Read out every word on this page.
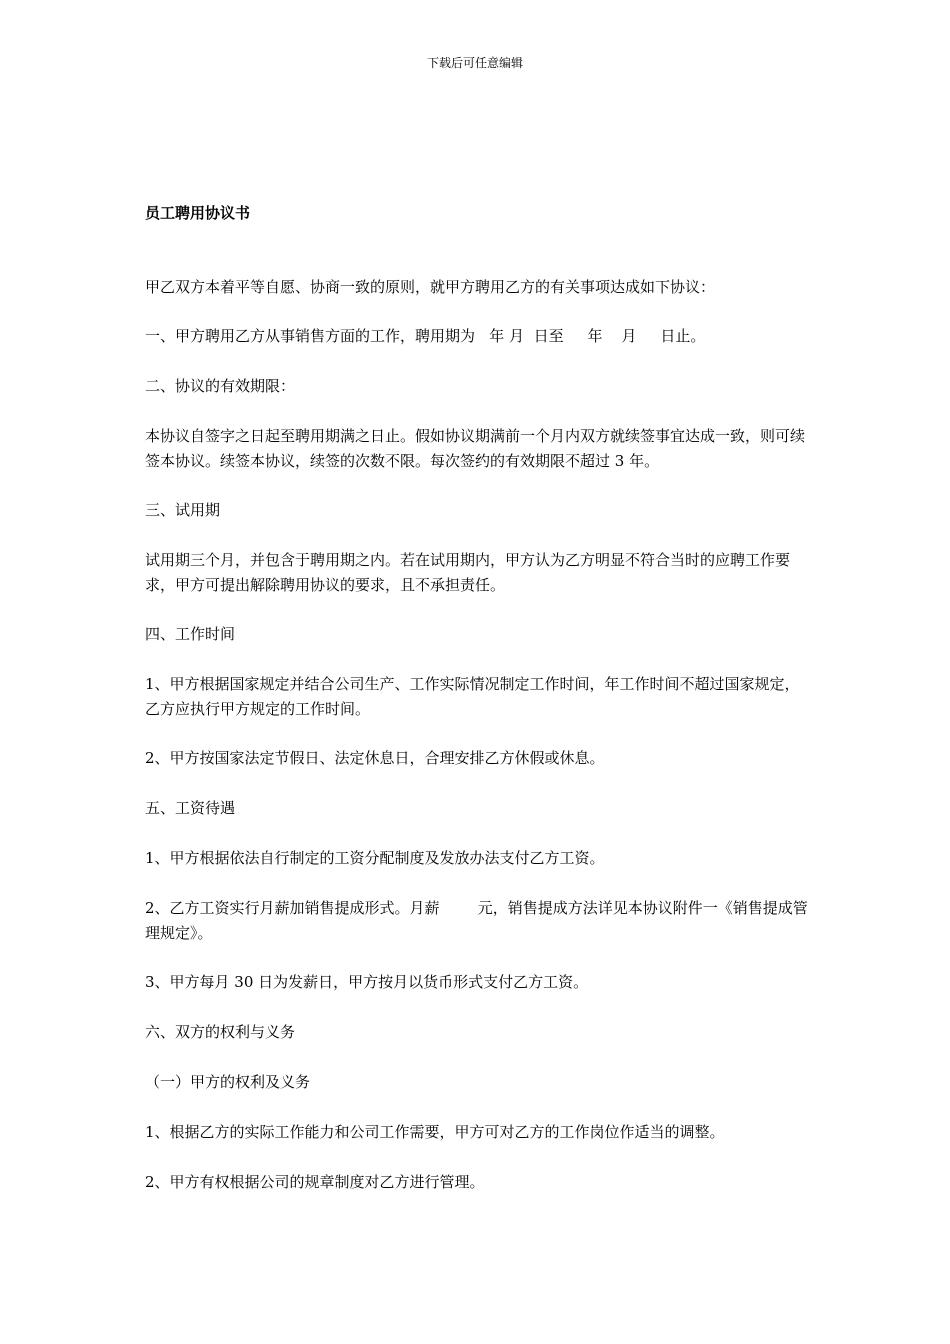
下载后可任意编辑
员工聘用协议书
甲乙双方本着平等自愿、协商一致的原则，就甲方聘用乙方的有关事项达成如下协议：
一、甲方聘用乙方从事销售方面的工作，聘用期为   年 月  日至     年    月     日止。
二、协议的有效期限：
本协议自签字之日起至聘用期满之日止。假如协议期满前一个月内双方就续签事宜达成一致，则可续签本协议。续签本协议，续签的次数不限。每次签约的有效期限不超过 3 年。
三、试用期
试用期三个月，并包含于聘用期之内。若在试用期内，甲方认为乙方明显不符合当时的应聘工作要求，甲方可提出解除聘用协议的要求，且不承担责任。
四、工作时间
1、甲方根据国家规定并结合公司生产、工作实际情况制定工作时间，年工作时间不超过国家规定，乙方应执行甲方规定的工作时间。
2、甲方按国家法定节假日、法定休息日，合理安排乙方休假或休息。
五、工资待遇
1、甲方根据依法自行制定的工资分配制度及发放办法支付乙方工资。
2、乙方工资实行月薪加销售提成形式。月薪        元，销售提成方法详见本协议附件一《销售提成管理规定》。
3、甲方每月 30 日为发薪日，甲方按月以货币形式支付乙方工资。
六、双方的权利与义务
（一）甲方的权利及义务
1、根据乙方的实际工作能力和公司工作需要，甲方可对乙方的工作岗位作适当的调整。
2、甲方有权根据公司的规章制度对乙方进行管理。
